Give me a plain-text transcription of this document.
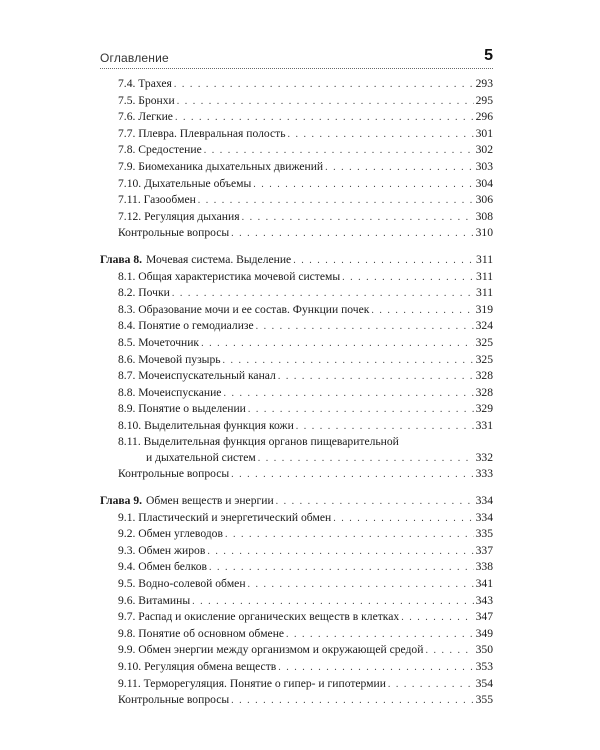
Оглавление	5
7.4. Трахея . . .	293
7.5. Бронхи . . .	295
7.6. Легкие . . .	296
7.7. Плевра. Плевральная полость . . .	301
7.8. Средостение . . .	302
7.9. Биомеханика дыхательных движений . . .	303
7.10. Дыхательные объемы . . .	304
7.11. Газообмен . . .	306
7.12. Регуляция дыхания . . .	308
Контрольные вопросы . . .	310
Глава 8. Мочевая система. Выделение . . .	311
8.1. Общая характеристика мочевой системы . . .	311
8.2. Почки . . .	311
8.3. Образование мочи и ее состав. Функции почек . . .	319
8.4. Понятие о гемодиализе . . .	324
8.5. Мочеточник . . .	325
8.6. Мочевой пузырь . . .	325
8.7. Мочеиспускательный канал . . .	328
8.8. Мочеиспускание . . .	328
8.9. Понятие о выделении . . .	329
8.10. Выделительная функция кожи . . .	331
8.11. Выделительная функция органов пищеварительной
и дыхательной систем . . .	332
Контрольные вопросы . . .	333
Глава 9. Обмен веществ и энергии . . .	334
9.1. Пластический и энергетический обмен . . .	334
9.2. Обмен углеводов . . .	335
9.3. Обмен жиров . . .	337
9.4. Обмен белков . . .	338
9.5. Водно-солевой обмен . . .	341
9.6. Витамины . . .	343
9.7. Распад и окисление органических веществ в клетках . . .	347
9.8. Понятие об основном обмене . . .	349
9.9. Обмен энергии между организмом и окружающей средой . . .	350
9.10. Регуляция обмена веществ . . .	353
9.11. Терморегуляция. Понятие о гипер- и гипотермии . . .	354
Контрольные вопросы . . .	355
